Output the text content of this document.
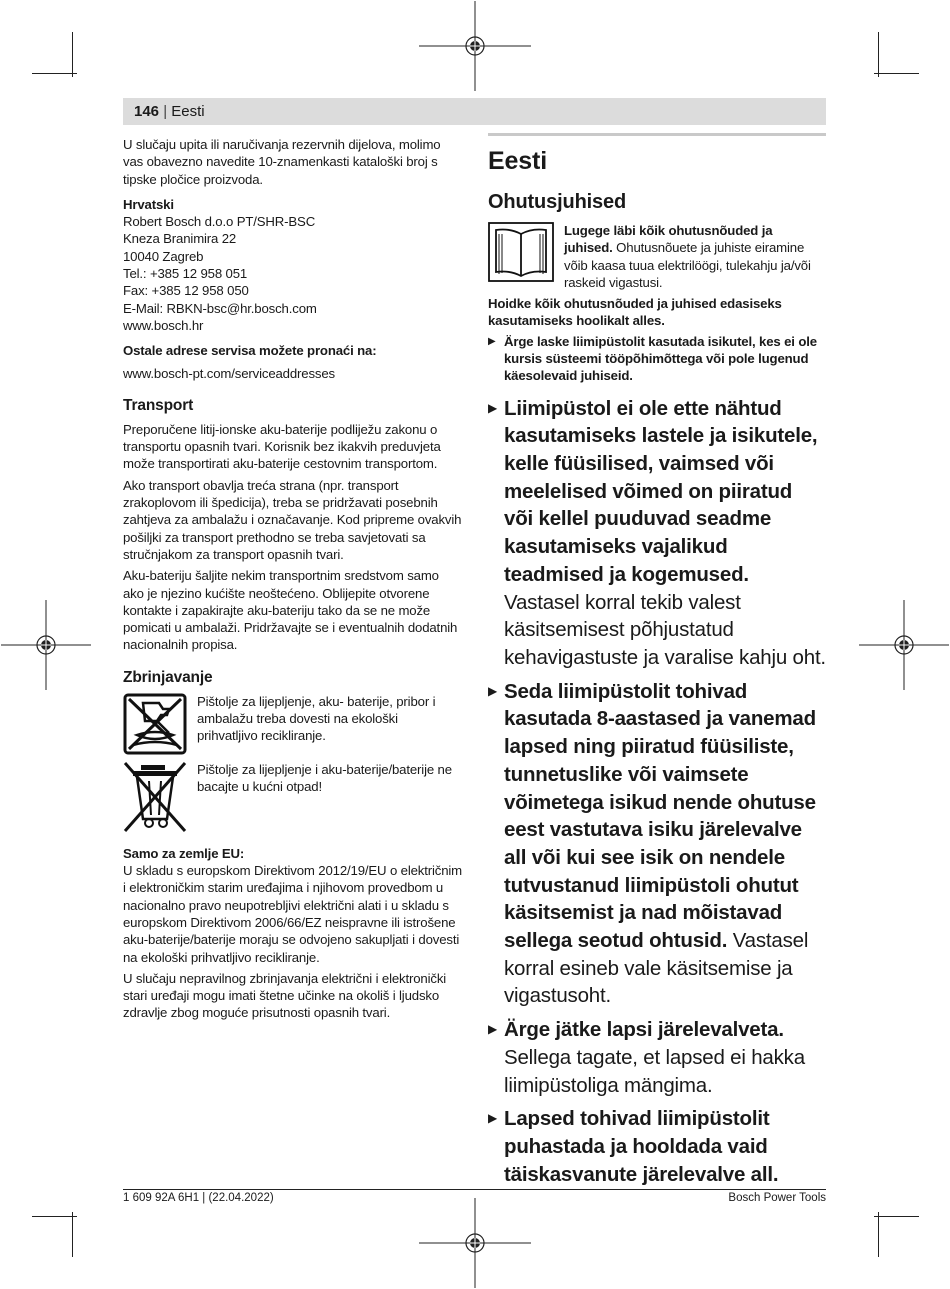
146 | Eesti

U slučaju upita ili naručivanja rezervnih dijelova, molimo vas obavezno navedite 10-znamenkasti kataloški broj s tipske pločice proizvoda.

Hrvatski
Robert Bosch d.o.o PT/SHR-BSC
Kneza Branimira 22
10040 Zagreb
Tel.: +385 12 958 051
Fax: +385 12 958 050
E-Mail: RBKN-bsc@hr.bosch.com
www.bosch.hr
Ostale adrese servisa možete pronaći na:
www.bosch-pt.com/serviceaddresses
Transport

Preporučene litij-ionske aku-baterije podliježu zakonu o transportu opasnih tvari. Korisnik bez ikakvih preduvjeta može transportirati aku-baterije cestovnim transportom.

Ako transport obavlja treća strana (npr. transport zrakoplovom ili špedicija), treba se pridržavati posebnih zahtjeva za ambalažu i označavanje. Kod pripreme ovakvih pošiljki za transport prethodno se treba savjetovati sa stručnjakom za transport opasnih tvari.

Aku-bateriju šaljite nekim transportnim sredstvom samo ako je njezino kućište neoštećeno. Oblijepite otvorene kontakte i zapakirajte aku-bateriju tako da se ne može pomicati u ambalaži. Pridržavajte se i eventualnih dodatnih nacionalnih propisa.

Zbrinjavanje
Pištolje za lijepljenje, aku- baterije, pribor i ambalažu treba dovesti na ekološki prihvatljivo recikliranje.
Pištolje za lijepljenje i aku-baterije/baterije ne bacajte u kućni otpad!
Samo za zemlje EU:

U skladu s europskom Direktivom 2012/19/EU o električnim i elektroničkim starim uređajima i njihovom provedbom u nacionalno pravo neupotrebljivi električni alati i u skladu s europskom Direktivom 2006/66/EZ neispravne ili istrošene aku-baterije/baterije moraju se odvojeno sakupljati i dovesti na ekološki prihvatljivo recikliranje.

U slučaju nepravilnog zbrinjavanja električni i elektronički stari uređaji mogu imati štetne učinke na okoliš i ljudsko zdravlje zbog moguće prisutnosti opasnih tvari.

Eesti
Ohutusjuhised
Lugege läbi kõik ohutusnõuded ja juhised. Ohutusnõuete ja juhiste eiramine võib kaasa tuua elektrilöögi, tulekahju ja/või raskeid vigastusi.

Hoidke kõik ohutusnõuded ja juhised edasiseks kasutamiseks hoolikalt alles.

▶ Ärge laske liimipüstolit kasutada isikutel, kes ei ole kursis süsteemi tööpõhimõttega või pole lugenud käesolevaid juhiseid.
▶ Liimipüstol ei ole ette nähtud kasutamiseks lastele ja isikutele, kelle füüsilised, vaimsed või meelelised võimed on piiratud või kellel puuduvad seadme kasutamiseks vajalikud teadmised ja kogemused. Vastasel korral tekib valest käsitsemisest põhjustatud kehavigastuste ja varalise kahju oht.
▶ Seda liimipüstolit tohivad kasutada 8-aastased ja vanemad lapsed ning piiratud füüsiliste, tunnetuslike või vaimsete võimetega isikud nende ohutuse eest vastutava isiku järelevalve all või kui see isik on nendele tutvustanud liimipüstoli ohutut käsitsemist ja nad mõistavad sellega seotud ohtusid. Vastasel korral esineb vale käsitsemise ja vigastusoht.
▶ Ärge jätke lapsi järelevalveta. Sellega tagate, et lapsed ei hakka liimipüstoliga mängima.
▶ Lapsed tohivad liimipüstolit puhastada ja hooldada vaid täiskasvanute järelevalve all.
1 609 92A 6H1 | (22.04.2022)	Bosch Power Tools
